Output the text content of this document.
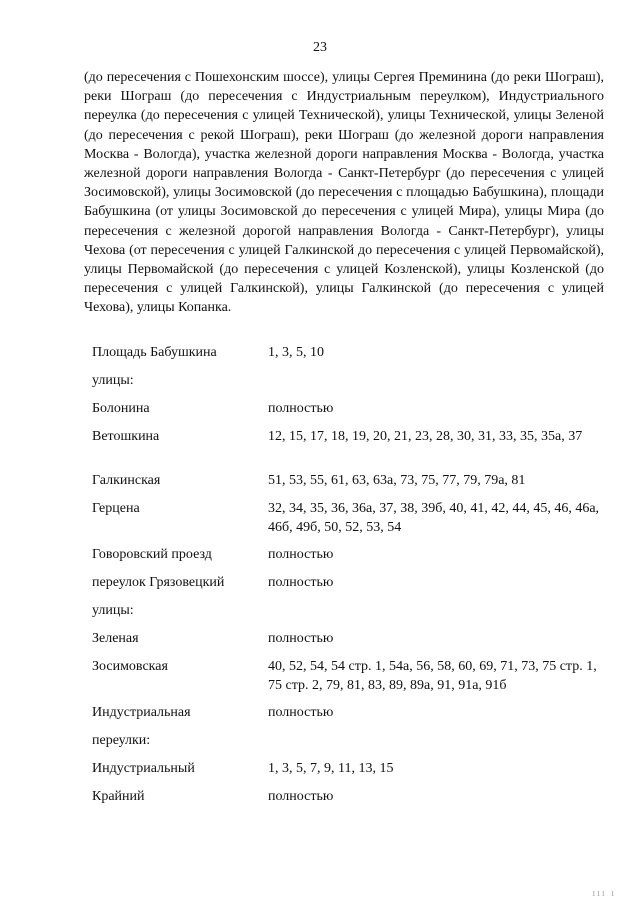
23

(до пересечения с Пошехонским шоссе), улицы Сергея Преминина (до реки Шограш), реки Шограш (до пересечения с Индустриальным переулком), Индустриального переулка (до пересечения с улицей Технической), улицы Технической, улицы Зеленой (до пересечения с рекой Шограш), реки Шограш (до железной дороги направления Москва - Вологда), участка железной дороги направления Москва - Вологда, участка железной дороги направления Вологда - Санкт-Петербург (до пересечения с улицей Зосимовской), улицы Зосимовской (до пересечения с площадью Бабушкина), площади Бабушкина (от улицы Зосимовской до пересечения с улицей Мира), улицы Мира (до пересечения с железной дорогой направления Вологда - Санкт-Петербург), улицы Чехова (от пересечения с улицей Галкинской до пересечения с улицей Первомайской), улицы Первомайской (до пересечения с улицей Козленской), улицы Козленской (до пересечения с улицей Галкинской), улицы Галкинской (до пересечения с улицей Чехова), улицы Копанка.

Площадь Бабушкина	1, 3, 5, 10
улицы:
Болонина	полностью
Ветошкина	12, 15, 17, 18, 19, 20, 21, 23, 28, 30, 31, 33, 35, 35а, 37
Галкинская	51, 53, 55, 61, 63, 63а, 73, 75, 77, 79, 79а, 81
Герцена	32, 34, 35, 36, 36а, 37, 38, 39б, 40, 41, 42, 44, 45, 46, 46а, 46б, 49б, 50, 52, 53, 54
Говоровский проезд	полностью
переулок Грязовецкий	полностью
улицы:
Зеленая	полностью
Зосимовская	40, 52, 54, 54 стр. 1, 54а, 56, 58, 60, 69, 71, 73, 75 стр. 1, 75 стр. 2, 79, 81, 83, 89, 89а, 91, 91а, 91б
Индустриальная	полностью
переулки:
Индустриальный	1, 3, 5, 7, 9, 11, 13, 15
Крайний	полностью
ııı ı
